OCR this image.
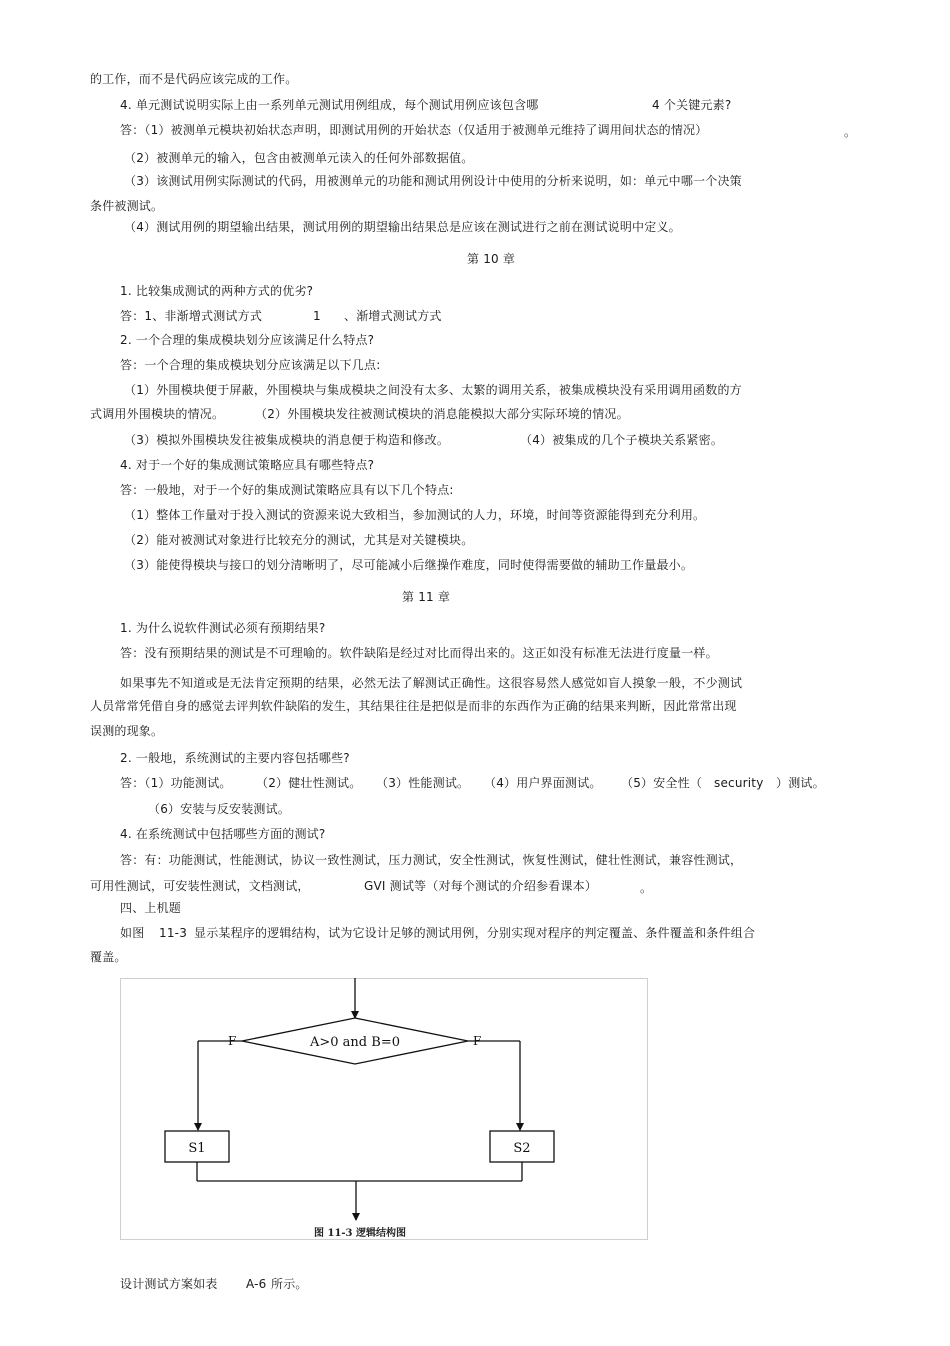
的工作，而不是代码应该完成的工作。
4. 单元测试说明实际上由一系列单元测试用例组成，每个测试用例应该包含哪	4 个关键元素?
答：（1）被测单元模块初始状态声明，即测试用例的开始状态（仅适用于被测单元维持了调用间状态的情况）	。
（2）被测单元的输入，包含由被测单元读入的任何外部数据值。
（3）该测试用例实际测试的代码，用被测单元的功能和测试用例设计中使用的分析来说明，如：单元中哪一个决策
条件被测试。
（4）测试用例的期望输出结果，测试用例的期望输出结果总是应该在测试进行之前在测试说明中定义。
第 10 章
1. 比较集成测试的两种方式的优劣?
答：1、非渐增式测试方式	1 、渐增式测试方式
2. 一个合理的集成模块划分应该满足什么特点?
答：一个合理的集成模块划分应该满足以下几点:
（1）外围模块便于屏蔽，外围模块与集成模块之间没有太多、太繁的调用关系，被集成模块没有采用调用函数的方
式调用外围模块的情况。	（2）外围模块发往被测试模块的消息能模拟大部分实际环境的情况。
（3）模拟外围模块发往被集成模块的消息便于构造和修改。	（4）被集成的几个子模块关系紧密。
4. 对于一个好的集成测试策略应具有哪些特点?
答：一般地，对于一个好的集成测试策略应具有以下几个特点:
（1）整体工作量对于投入测试的资源来说大致相当，参加测试的人力，环境，时间等资源能得到充分利用。
（2）能对被测试对象进行比较充分的测试，尤其是对关键模块。
（3）能使得模块与接口的划分清晰明了，尽可能减小后继操作难度，同时使得需要做的辅助工作量最小。
第 11 章
1. 为什么说软件测试必须有预期结果?
答：没有预期结果的测试是不可理喻的。软件缺陷是经过对比而得出来的。这正如没有标准无法进行度量一样。
如果事先不知道或是无法肯定预期的结果，必然无法了解测试正确性。这很容易然人感觉如盲人摸象一般，不少测试
人员常常凭借自身的感觉去评判软件缺陷的发生，其结果往往是把似是而非的东西作为正确的结果来判断，因此常常出现
误测的现象。
2. 一般地，系统测试的主要内容包括哪些?
答：（1）功能测试。 （2）健壮性测试。 （3）性能测试。 （4）用户界面测试。 （5）安全性（ security ）测试。
（6）安装与反安装测试。
4. 在系统测试中包括哪些方面的测试?
答：有：功能测试，性能测试，协议一致性测试，压力测试，安全性测试，恢复性测试，健壮性测试，兼容性测试，
可用性测试，可安装性测试，文档测试，	GVI 测试等（对每个测试的介绍参看课本）	。
四、上机题
如图 11-3 显示某程序的逻辑结构，试为它设计足够的测试用例，分别实现对程序的判定覆盖、条件覆盖和条件组合
覆盖。
A>0 and B=0
F	F
S1	S2
图 11-3 逻辑结构图
设计测试方案如表 A-6 所示。
